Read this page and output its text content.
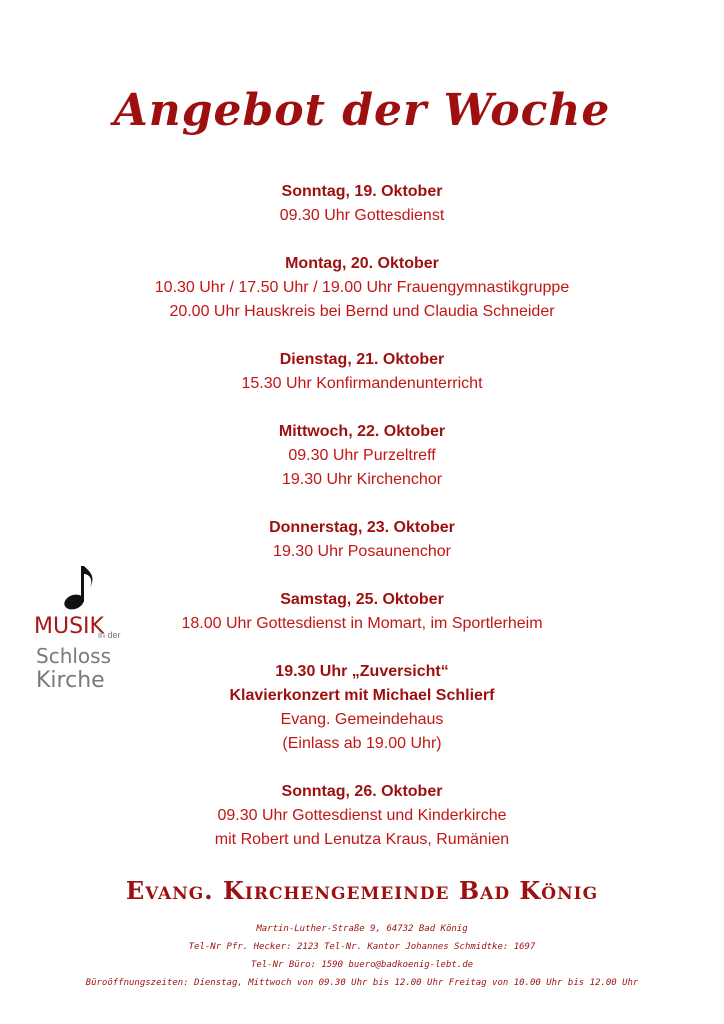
Angebot der Woche
Sonntag, 19. Oktober
09.30 Uhr Gottesdienst
Montag, 20. Oktober
10.30 Uhr / 17.50 Uhr / 19.00 Uhr Frauengymnastikgruppe
20.00 Uhr Hauskreis bei Bernd und Claudia Schneider
Dienstag, 21. Oktober
15.30 Uhr Konfirmandenunterricht
Mittwoch, 22. Oktober
09.30 Uhr Purzeltreff
19.30 Uhr Kirchenchor
Donnerstag, 23. Oktober
19.30 Uhr Posaunenchor
Samstag, 25. Oktober
18.00 Uhr Gottesdienst in Momart, im Sportlerheim
19.30 Uhr „Zuversicht“
Klavierkonzert mit Michael Schlierf
Evang. Gemeindehaus
(Einlass ab 19.00 Uhr)
Sonntag, 26. Oktober
09.30 Uhr Gottesdienst und Kinderkirche
mit Robert und Lenutza Kraus, Rumänien
MUSIK
in der
Schloss
Kirche
Evang. Kirchengemeinde Bad König
Martin-Luther-Straße 9, 64732 Bad König
Tel-Nr Pfr. Hecker: 2123 Tel-Nr. Kantor Johannes Schmidtke: 1697
Tel-Nr Büro: 1590 buero@badkoenig-lebt.de
Büroöffnungszeiten: Dienstag, Mittwoch von 09.30 Uhr bis 12.00 Uhr Freitag von 10.00 Uhr bis 12.00 Uhr
